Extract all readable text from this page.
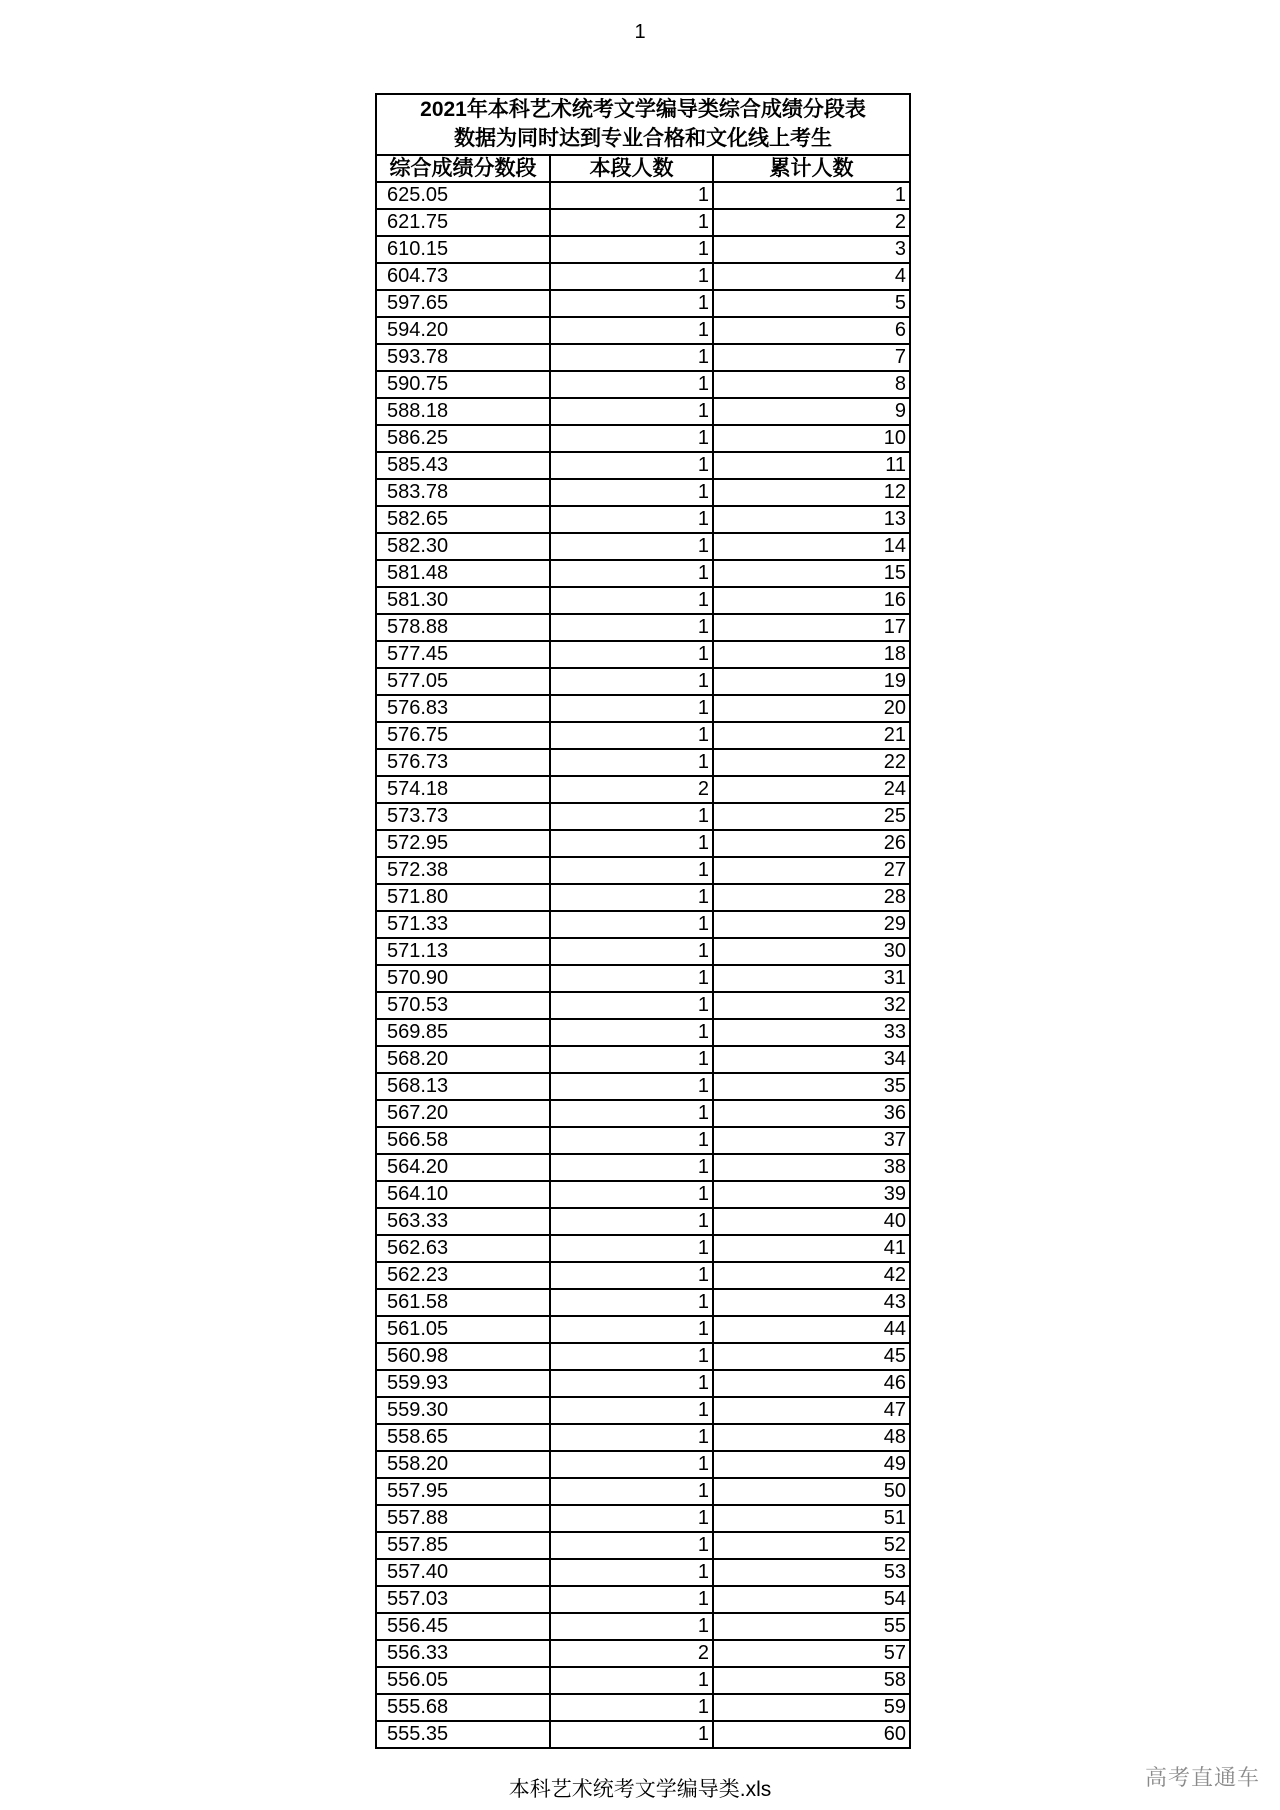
1
2021年本科艺术统考文学编导类综合成绩分段表
数据为同时达到专业合格和文化线上考生
综合成绩分数段	本段人数	累计人数
625.05	1	1
621.75	1	2
610.15	1	3
604.73	1	4
597.65	1	5
594.20	1	6
593.78	1	7
590.75	1	8
588.18	1	9
586.25	1	10
585.43	1	11
583.78	1	12
582.65	1	13
582.30	1	14
581.48	1	15
581.30	1	16
578.88	1	17
577.45	1	18
577.05	1	19
576.83	1	20
576.75	1	21
576.73	1	22
574.18	2	24
573.73	1	25
572.95	1	26
572.38	1	27
571.80	1	28
571.33	1	29
571.13	1	30
570.90	1	31
570.53	1	32
569.85	1	33
568.20	1	34
568.13	1	35
567.20	1	36
566.58	1	37
564.20	1	38
564.10	1	39
563.33	1	40
562.63	1	41
562.23	1	42
561.58	1	43
561.05	1	44
560.98	1	45
559.93	1	46
559.30	1	47
558.65	1	48
558.20	1	49
557.95	1	50
557.88	1	51
557.85	1	52
557.40	1	53
557.03	1	54
556.45	1	55
556.33	2	57
556.05	1	58
555.68	1	59
555.35	1	60
本科艺术统考文学编导类.xls	高考直通车
